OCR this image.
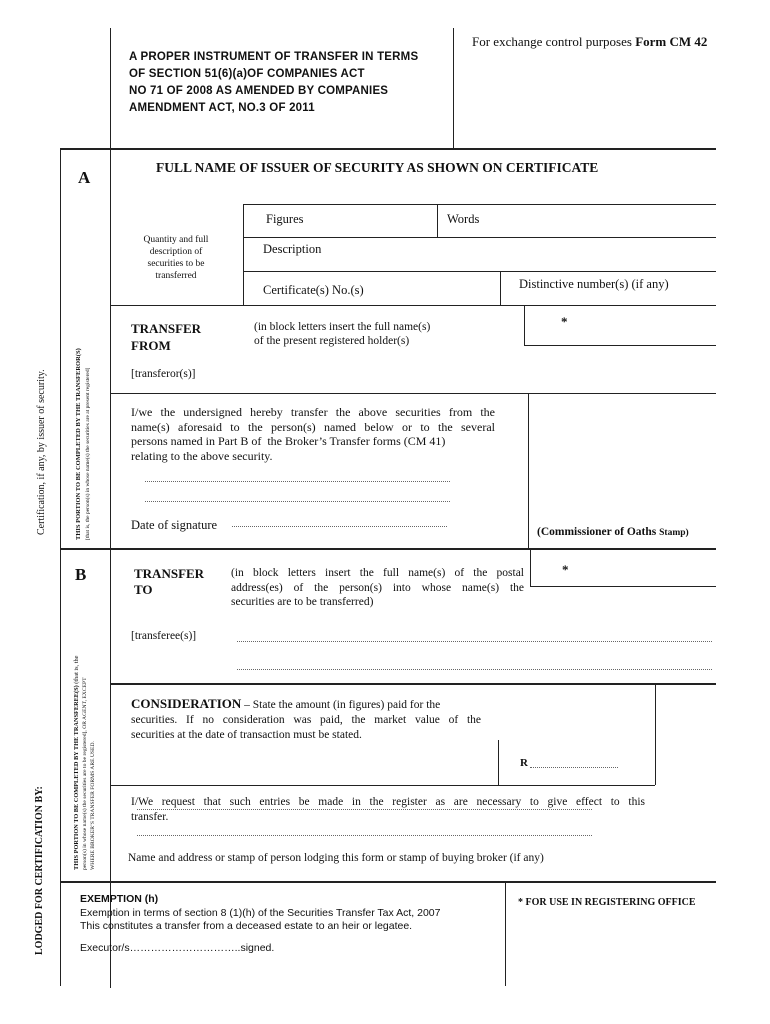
For exchange control purposes Form CM 42
A PROPER INSTRUMENT OF TRANSFER IN TERMS
OF SECTION 51(6)(a)OF COMPANIES ACT
NO 71 OF 2008 AS AMENDED BY COMPANIES
AMENDMENT ACT, NO.3 OF 2011
A
FULL NAME OF ISSUER OF SECURITY AS SHOWN ON CERTIFICATE
Figures	Words
Quantity and full
description of
securities to be
transferred
Description
Certificate(s) No.(s)	Distinctive number(s) (if any)
TRANSFER
FROM
(in block letters insert the full name(s)
of the present registered holder(s)
*
[transferor(s)]
I/we the undersigned hereby transfer the above securities from the
name(s) aforesaid to the person(s) named below or to the several
persons named in Part B of  the Broker’s Transfer forms (CM 41)
relating to the above security.
Date of signature	(Commissioner of Oaths Stamp)
THIS PORTION TO BE COMPLETED BY THE TRANSFEROR(S) [that is, the person(s) in whose name(s) the securities are at present registered]
Certification, if any, by issuer of security.
B	TRANSFER
TO
(in block letters insert the full name(s) of the postal
address(es) of the person(s) into whose name(s) the
securities are to be transferred)
*
[transferee(s)]
CONSIDERATION – State the amount (in figures) paid for the
securities. If no consideration was paid, the market value of the
securities at the date of transaction must be stated.
R
I/We request that such entries be made in the register as are necessary to give effect to this
transfer.
Name and address or stamp of person lodging this form or stamp of buying broker (if any)
THIS PORTION TO BE COMPLETED BY THE TRANSFEREE(S) (that is, the
person(s) in whose name(s) the securities are to be registered], OR AGENT, EXCEPT WHERE BROKER’S TRANSFER FORMS ARE USED.
LODGED FOR CERTIFICATION BY:	EXEMPTION (h)
Exemption in terms of section 8 (1)(h) of the Securities Transfer Tax Act, 2007
This constitutes a transfer from a deceased estate to an heir or legatee.
Executor/s…………………………..signed.
* FOR USE IN REGISTERING OFFICE
